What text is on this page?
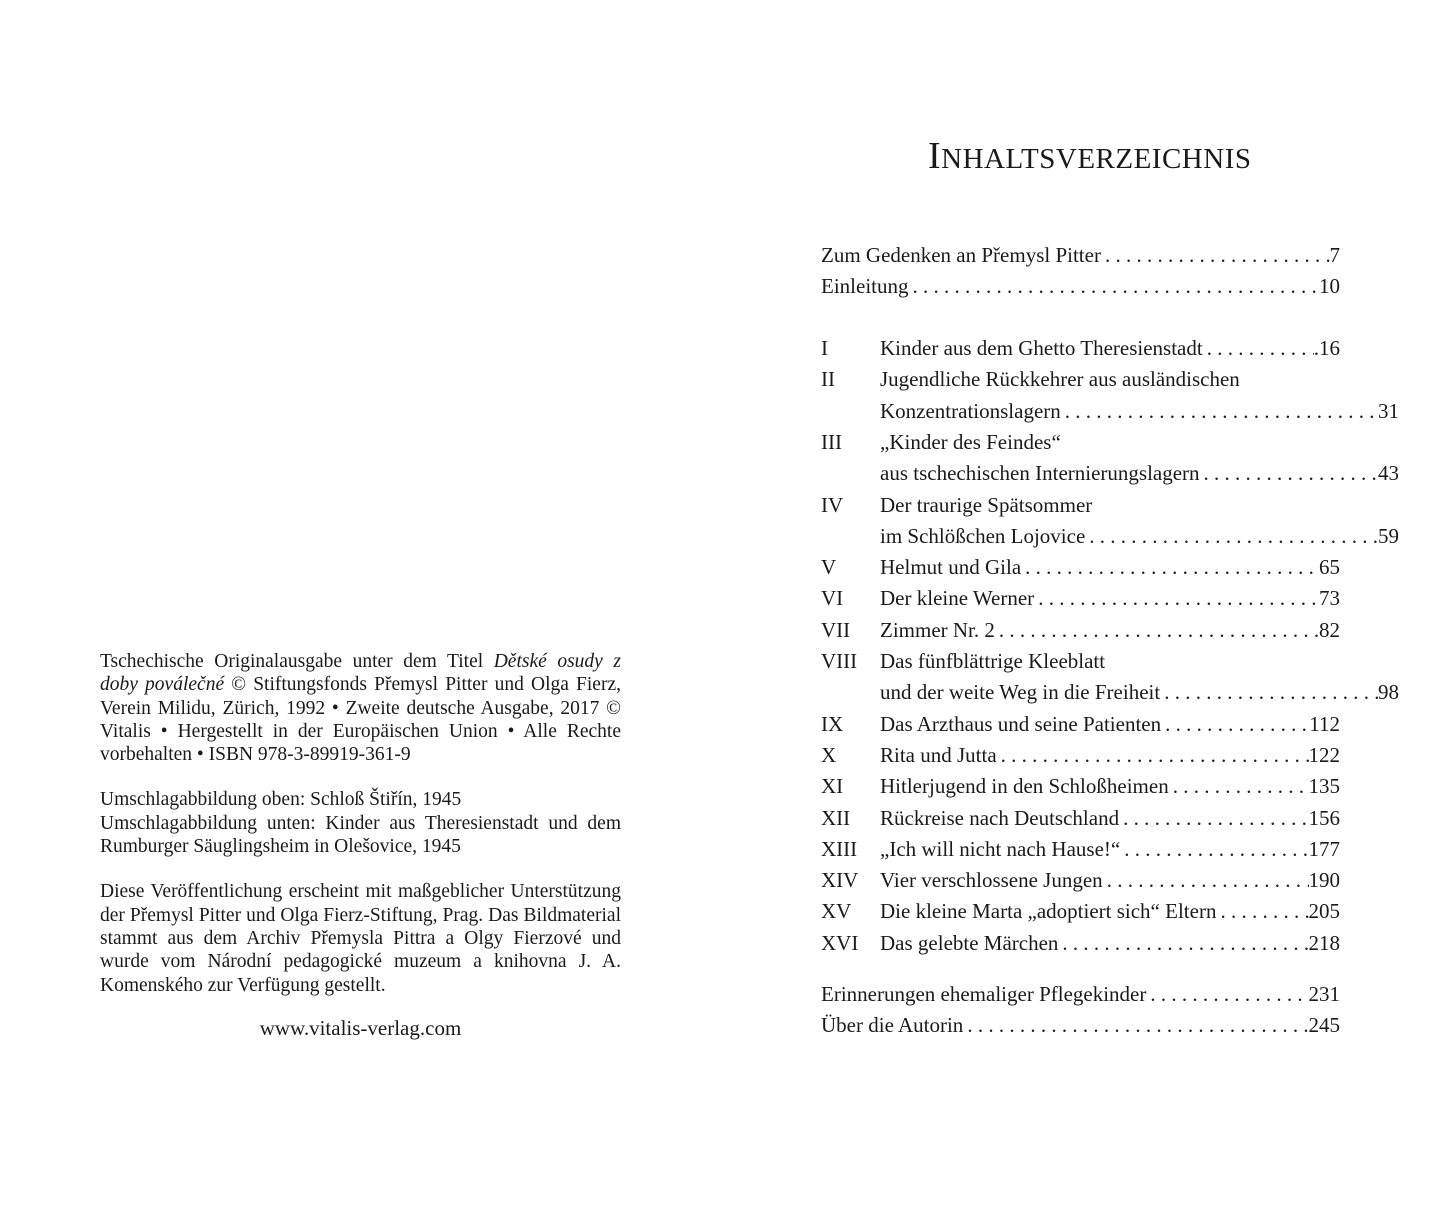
Tschechische Originalausgabe unter dem Titel Dětské osudy z doby poválečné © Stiftungsfonds Přemysl Pitter und Olga Fierz, Verein Milidu, Zürich, 1992 • Zweite deutsche Ausgabe, 2017 © Vitalis • Hergestellt in der Europäischen Union • Alle Rechte vorbehalten • ISBN 978-3-89919-361-9

Umschlagabbildung oben: Schloß Štiřín, 1945

Umschlagabbildung unten: Kinder aus Theresienstadt und dem Rumburger Säuglingsheim in Olešovice, 1945

Diese Veröffentlichung erscheint mit maßgeblicher Unterstützung der Přemysl Pitter und Olga Fierz-Stiftung, Prag. Das Bildmaterial stammt aus dem Archiv Přemysla Pittra a Olgy Fierzové und wurde vom Národní pedagogické muzeum a knihovna J. A. Komenského zur Verfügung gestellt.

www.vitalis-verlag.com
INHALTSVERZEICHNIS
Zum Gedenken an Přemysl Pitter . . .	7
Einleitung . . .	10
I	Kinder aus dem Ghetto Theresienstadt . . .	.16
II	Jugendliche Rückkehrer aus ausländischen
Konzentrationslagern . . .	31
III	„Kinder des Feindes“
aus tschechischen Internierungslagern . . .	43
IV	Der traurige Spätsommer
im Schlößchen Lojovice . . .	59
V	Helmut und Gila . . .	65
VI	Der kleine Werner . . .	73
VII	Zimmer Nr. 2 . . .	82
VIII	Das fünfblättrige Kleeblatt
und der weite Weg in die Freiheit . . .	98
IX	Das Arzthaus und seine Patienten . . .	112
X	Rita und Jutta . . .	122
XI	Hitlerjugend in den Schloßheimen . . .	135
XII	Rückreise nach Deutschland . . .	156
XIII	„Ich will nicht nach Hause!“ . . .	177
XIV	Vier verschlossene Jungen . . .	190
XV	Die kleine Marta „adoptiert sich“ Eltern . . .	205
XVI	Das gelebte Märchen . . .	218
Erinnerungen ehemaliger Pflegekinder . . .	231
Über die Autorin . . .	245
